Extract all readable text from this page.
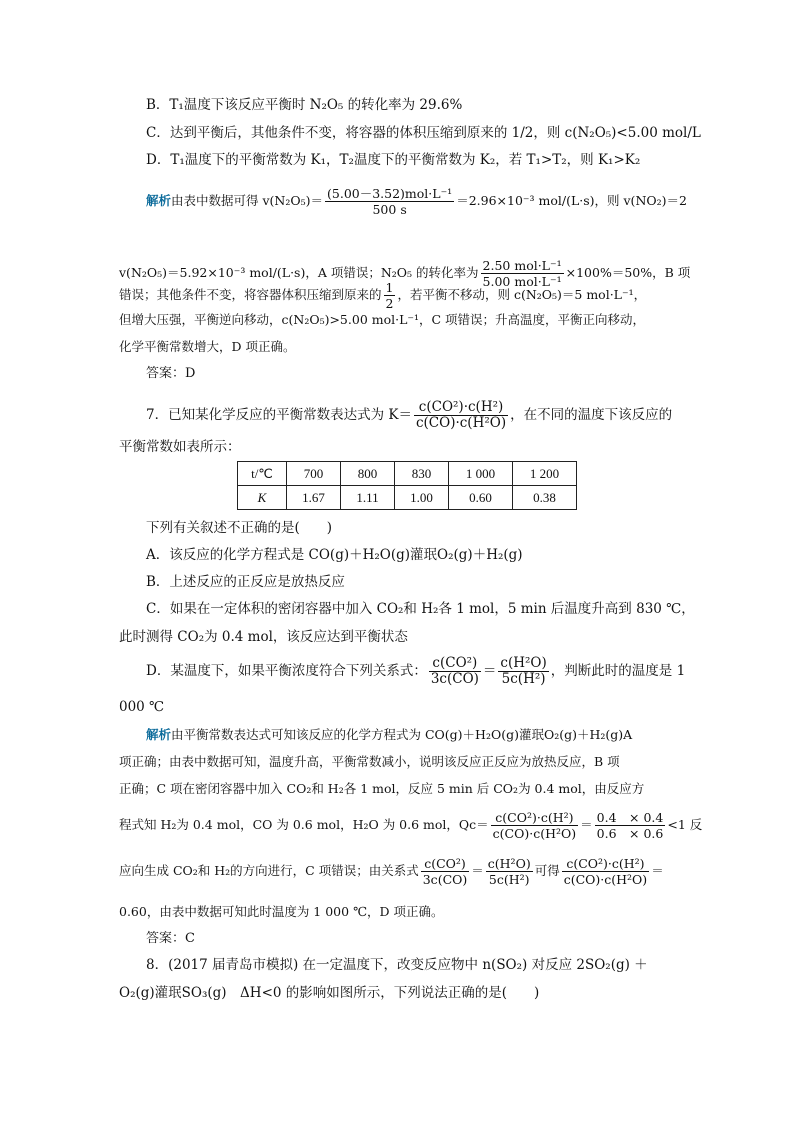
B．T₁温度下该反应平衡时 N₂O₅ 的转化率为 29.6%
C．达到平衡后，其他条件不变，将容器的体积压缩到原来的 1/2，则 c(N₂O₅)<5.00 mol/L
D．T₁温度下的平衡常数为 K₁，T₂温度下的平衡常数为 K₂，若 T₁>T₂，则 K₁>K₂
解析由表中数据可得 $v(N_2O_5)= \frac{\text{(5.00－3.52)mol·L⁻¹}}{500 s} =2.96\times 10^{-3}$ mol/(L·s)，则 v(NO₂)＝2
v(N₂O₅)＝5.92×10⁻³ mol/(L·s)，A 项错误；N₂O₅ 的转化率为 $\frac{\text{2.50 mol·L⁻¹}}{\text{5.00 mol·L⁻¹}} \times 100\%=50\%$，B 项
错误；其他条件不变，将容器体积压缩到原来的 $\frac{1}{2}$ ，若平衡不移动，则 c(N₂O₅)＝5 mol·L⁻¹，
但增大压强，平衡逆向移动，c(N₂O₅)>5.00 mol·L⁻¹，C 项错误；升高温度，平衡正向移动，
化学平衡常数增大，D 项正确。
答案：D
7．已知某化学反应的平衡常数表达式为 $K= \frac{\text{c(CO²)·c(H²)}}{\text{c(CO)·c(H²O)}}$ ，在不同的温度下该反应的
平衡常数如表所示：
t/℃	700	800	830	1 000	1 200
K	1.67	1.11	1.00	0.60	0.38
下列有关叙述不正确的是(　　)
A．该反应的化学方程式是 CO(g)＋H₂O(g)灌珉O₂(g)＋H₂(g)
B．上述反应的正反应是放热反应
C．如果在一定体积的密闭容器中加入 CO₂和 H₂各 1 mol，5 min 后温度升高到 830 ℃，
此时测得 CO₂为 0.4 mol，该反应达到平衡状态
D．某温度下，如果平衡浓度符合下列关系式： $\frac{\text{c(CO²)}}{3c(CO)} = \frac{\text{c(H²O)}}{\text{5c(H²)}}$ ，判断此时的温度是 1
000 ℃
解析由平衡常数表达式可知该反应的化学方程式为 CO(g)＋H₂O(g)灌珉O₂(g)＋H₂(g)A
项正确；由表中数据可知，温度升高，平衡常数减小，说明该反应正反应为放热反应，B 项
正确；C 项在密闭容器中加入 CO₂和 H₂各 1 mol，反应 5 min 后 CO₂为 0.4 mol，由反应方
程式知 H₂为 0.4 mol，CO 为 0.6 mol，H₂O 为 0.6 mol，$Qc= \frac{\text{c(CO²)·c(H²)}}{\text{c(CO)·c(H²O)}} = \frac{0.4 \times 0.4}{0.6 \times 0.6} <1$ 反
应向生成 CO₂和 H₂的方向进行，C 项错误；由关系式 $\frac{\text{c(CO²)}}{3c(CO)} = \frac{\text{c(H²O)}}{\text{5c(H²)}}$ 可得 $\frac{\text{c(CO²)·c(H²)}}{\text{c(CO)·c(H²O)}}$ ＝
0.60，由表中数据可知此时温度为 1 000 ℃，D 项正确。
答案：C
8．(2017 届青岛市模拟) 在一定温度下，改变反应物中 n(SO₂) 对反应 2SO₂(g) ＋
O₂(g)灌珉SO₃(g)　ΔH<0 的影响如图所示，下列说法正确的是(　　)
